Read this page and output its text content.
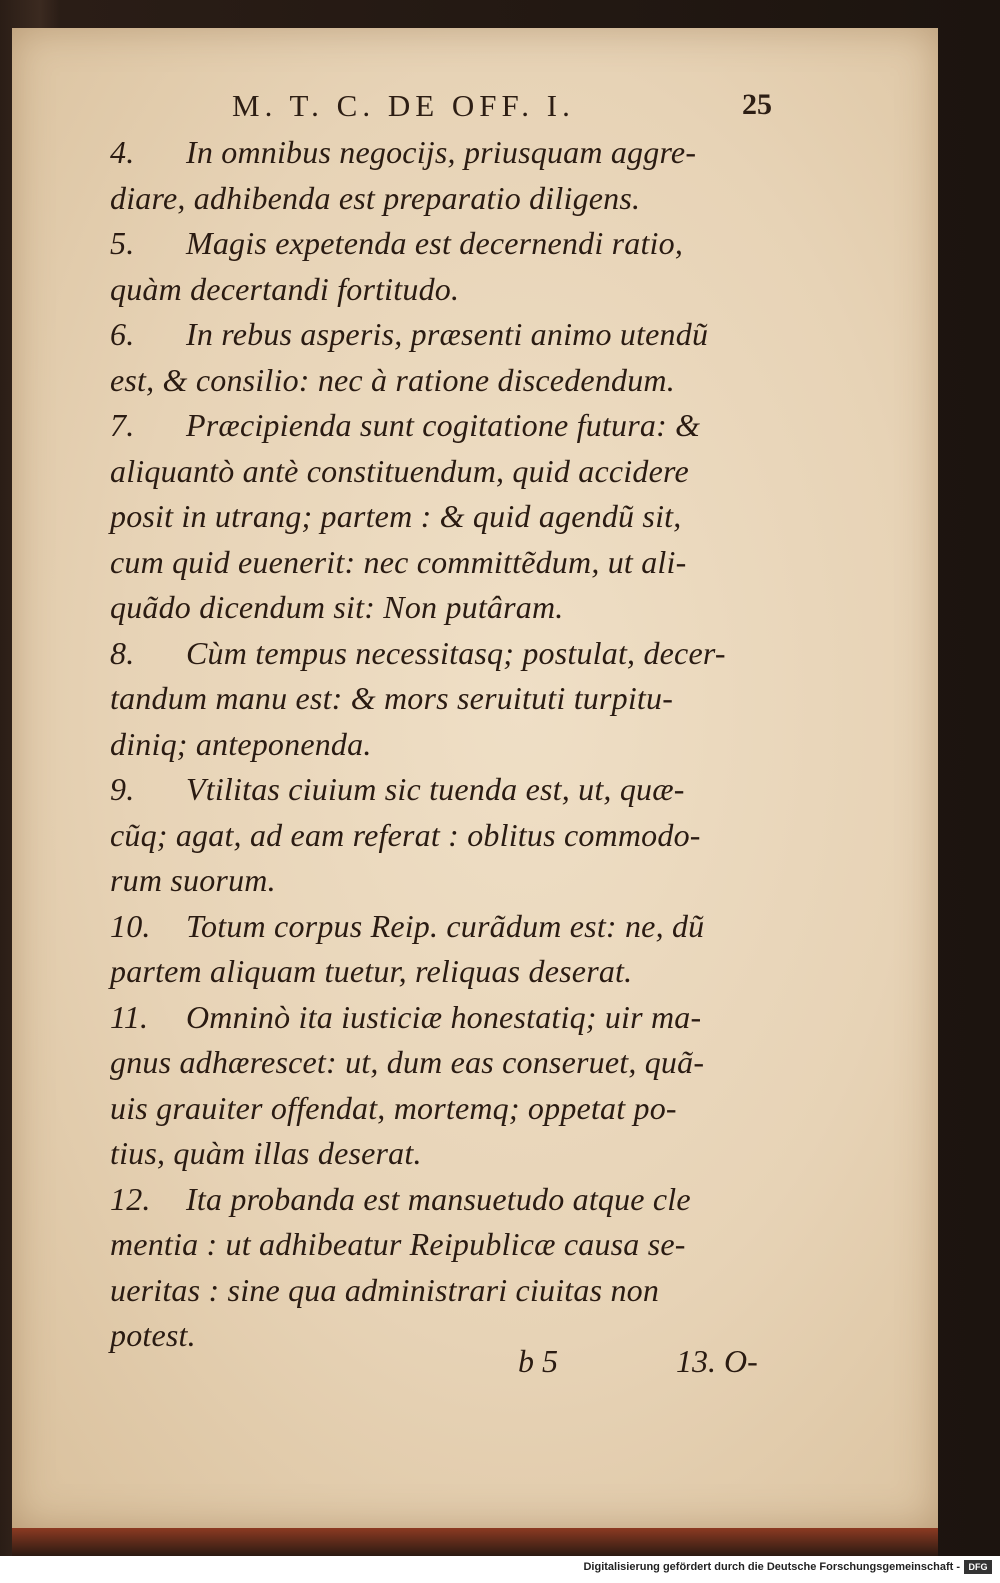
M. T. C. DE OFF. I.	25
4. In omnibus negocijs, priusquam aggre-
diare, adhibenda est preparatio diligens.
5. Magis expetenda est decernendi ratio,
quàm decertandi fortitudo.
6. In rebus asperis, præsenti animo utendũ
est, & consilio: nec à ratione discedendum.
7. Præcipienda sunt cogitatione futura: &
aliquantò antè constituendum, quid accidere
posit in utrang; partem : & quid agendũ sit,
cum quid euenerit: nec committẽdum, ut ali-
quãdo dicendum sit: Non putâram.
8. Cùm tempus necessitasq; postulat, decer-
tandum manu est: & mors seruituti turpitu-
diniq; anteponenda.
9. Vtilitas ciuium sic tuenda est, ut, quæ-
cũq; agat, ad eam referat : oblitus commodo-
rum suorum.
10. Totum corpus Reip. curãdum est: ne, dũ
partem aliquam tuetur, reliquas deserat.
11. Omninò ita iusticiæ honestatiq; uir ma-
gnus adhærescet: ut, dum eas conseruet, quã-
uis grauiter offendat, mortemq; oppetat po-
tius, quàm illas deserat.
12. Ita probanda est mansuetudo atque cle
mentia : ut adhibeatur Reipublicæ causa se-
ueritas : sine qua administrari ciuitas non
potest.
b 5	13. O-
Digitalisierung gefördert durch die Deutsche Forschungsgemeinschaft - DFG
